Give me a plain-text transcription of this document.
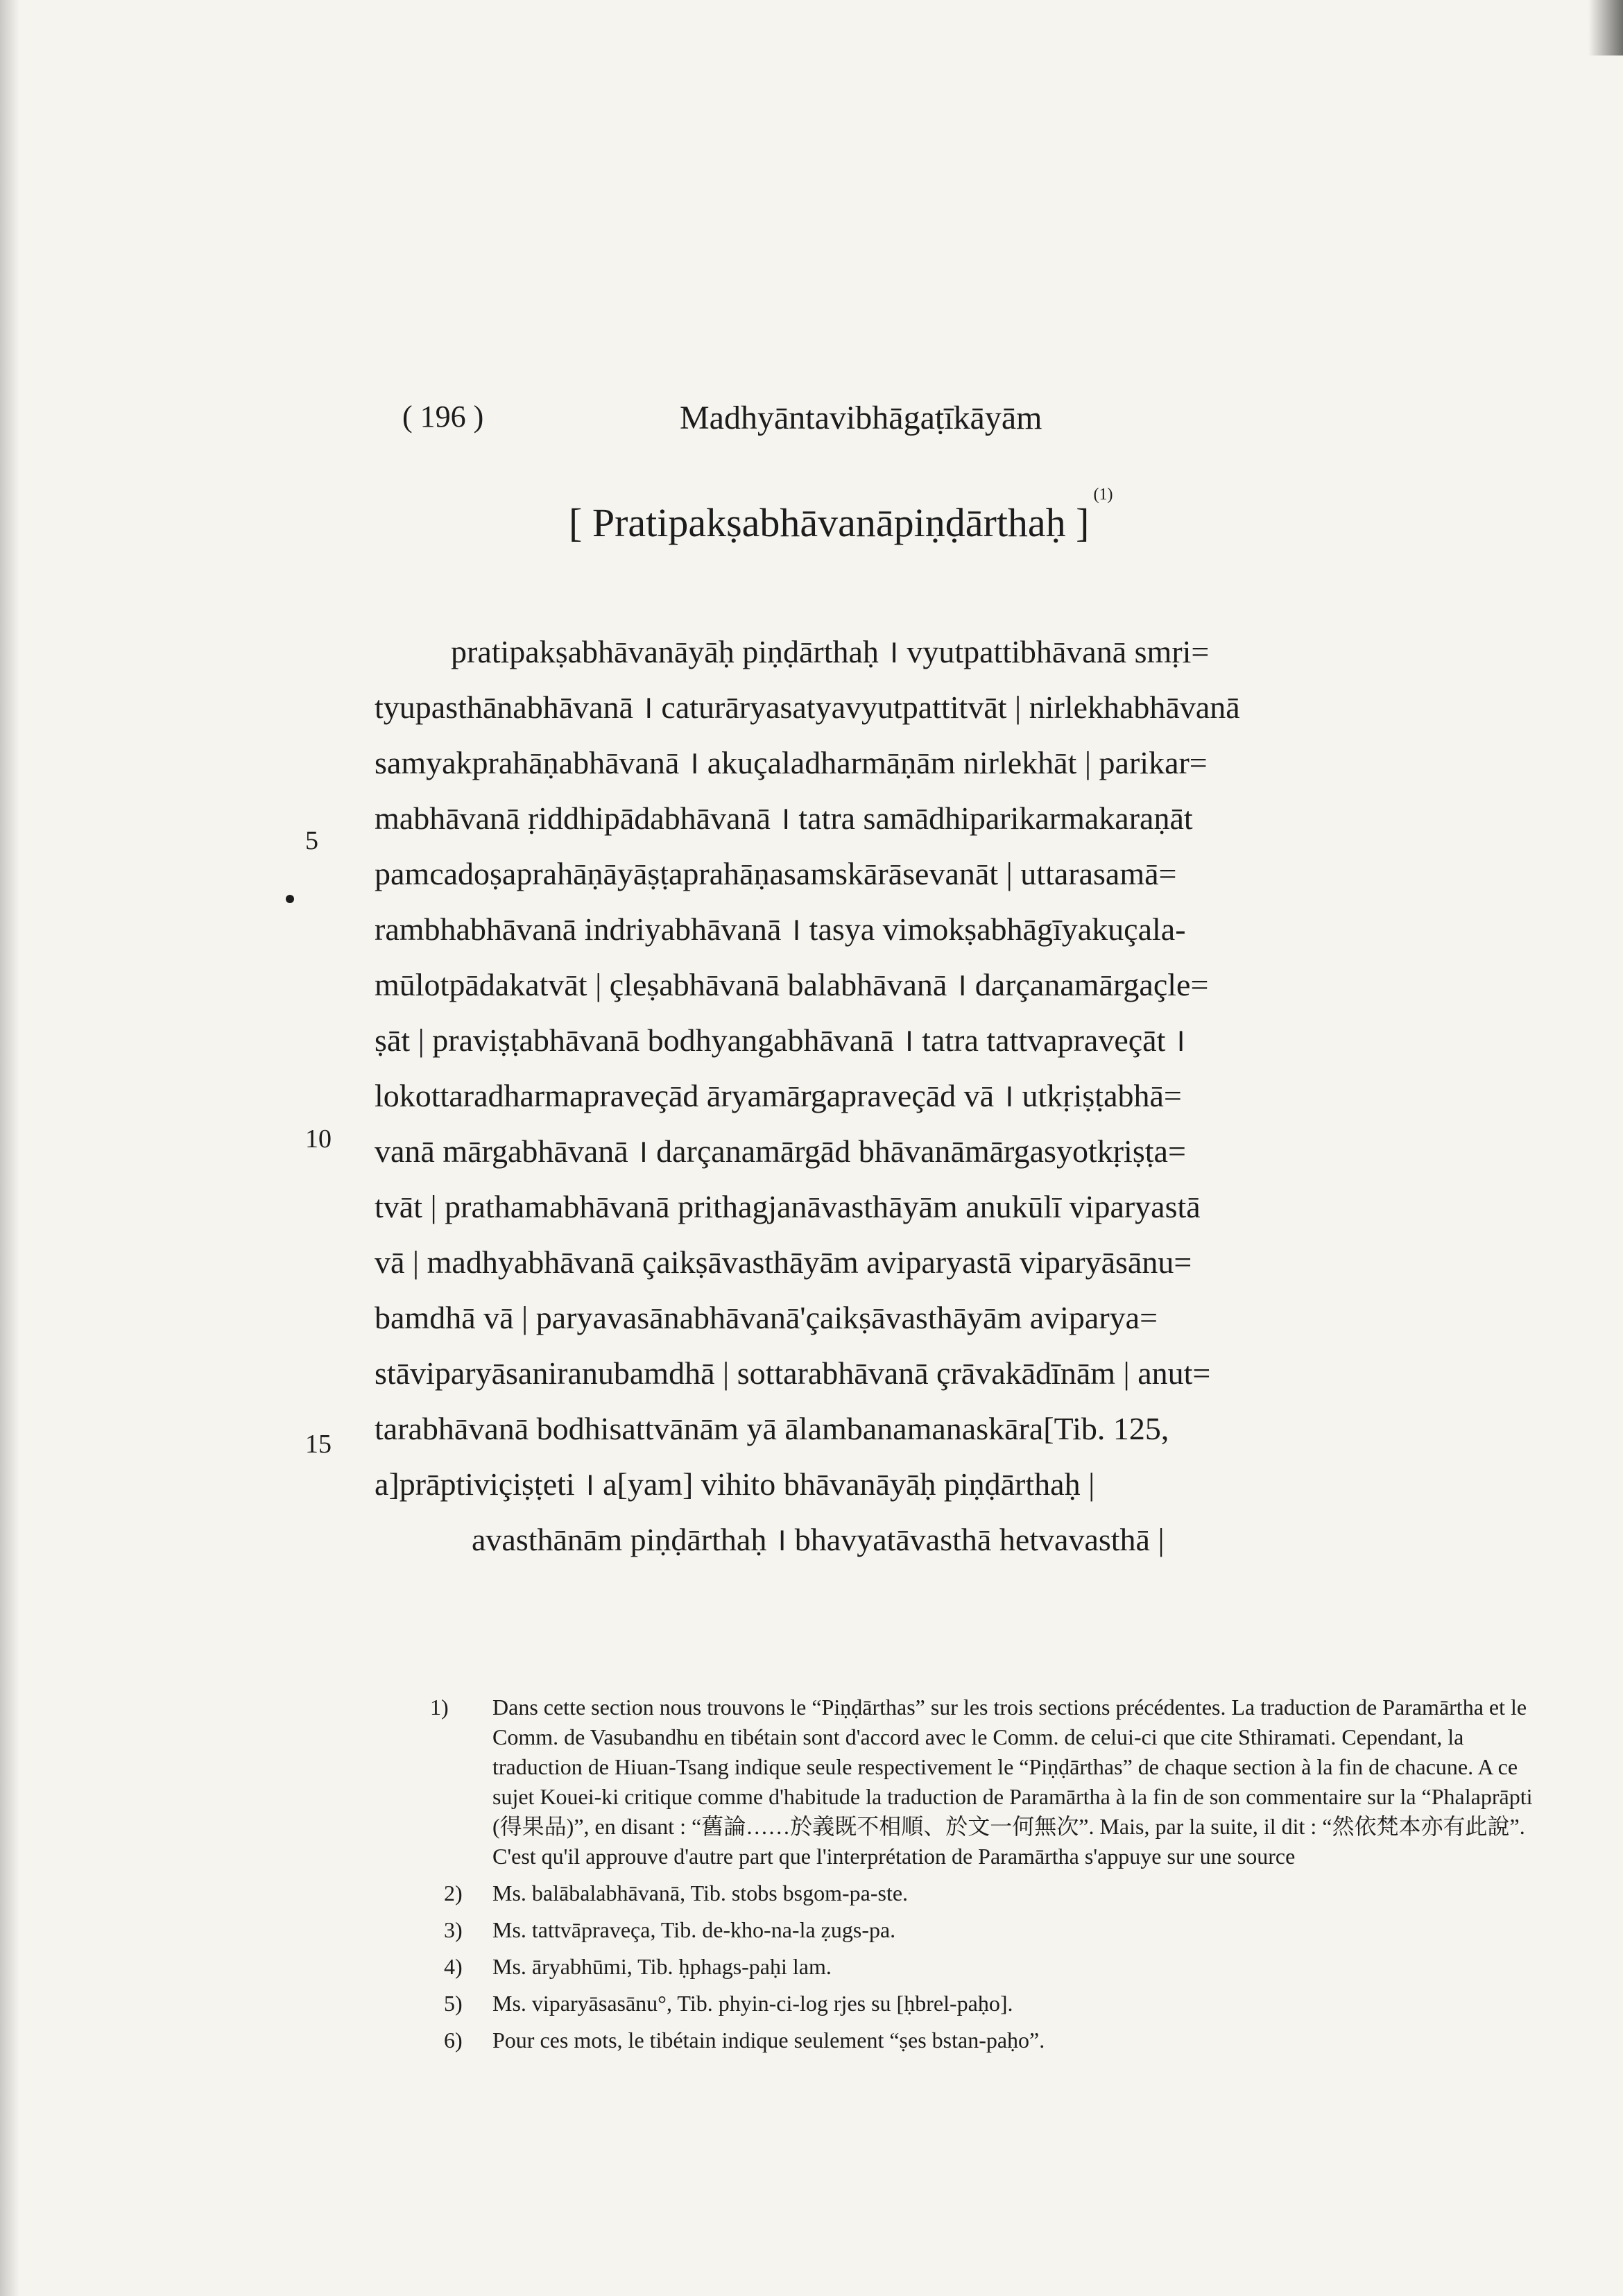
( 196 )	Madhyāntavibhāgaṭīkāyām
[ Pratipakṣabhāvanāpiṇḍārthaḥ ]$^{(1)}$
5
10
15
pratipakṣabhāvanāyāḥ piṇḍārthaḥ । vyutpattibhāvanā smṛi=
tyupasthānabhāvanā । caturāryasatyavyutpattitvāt | nirlekhabhāvanā
samyakprahāṇabhāvanā । akuçaladharmāṇām nirlekhāt | parikar=
mabhāvanā ṛiddhipādabhāvanā । tatra samādhiparikarmakaraṇāt
pamcadoṣaprahāṇāyāṣṭaprahāṇasamskārāsevanāt | uttarasamā=
rambhabhāvanā indriyabhāvanā । tasya vimokṣabhāgīyakuçala-
mūlotpādakatvāt | çleṣabhāvanā balabhāvanā । darçanamārgaçle=
ṣāt | praviṣṭabhāvanā bodhyangabhāvanā । tatra tattvapraveçāt ।
lokottaradharmapraveçād āryamārgapraveçād vā । utkṛiṣṭabhā=
vanā mārgabhāvanā । darçanamārgād bhāvanāmārgasyotkṛiṣṭa=
tvāt | prathamabhāvanā prithagjanāvasthāyām anukūlī viparyastā
vā | madhyabhāvanā çaikṣāvasthāyām aviparyastā viparyāsānu=
bamdhā vā | paryavasānabhāvanā'çaikṣāvasthāyām aviparya=
stāviparyāsaniranubamdhā | sottarabhāvanā çrāvakādīnām | anut=
tarabhāvanā bodhisattvānām yā ālambanamanaskāra[Tib. 125,
a]prāptiviçiṣṭeti । a[yam] vihito bhāvanāyāḥ piṇḍārthaḥ |
avasthānām piṇḍārthaḥ । bhavyatāvasthā hetvavasthā |
1) Dans cette section nous trouvons le “Piṇḍārthas” sur les trois sections précédentes. La traduction de Paramārtha et le Comm. de Vasubandhu en tibétain sont d'accord avec le Comm. de celui-ci que cite Sthiramati. Cependant, la traduction de Hiuan-Tsang indique seule respectivement le “Piṇḍārthas” de chaque section à la fin de chacune. A ce sujet Kouei-ki critique comme d'habitude la traduction de Paramārtha à la fin de son commentaire sur la “Phalaprāpti (得果品)”, en disant : “舊論……於義既不相順、於文一何無次”. Mais, par la suite, il dit : “然依梵本亦有此說”. C'est qu'il approuve d'autre part que l'interprétation de Paramārtha s'appuye sur une source
2) Ms. balābalabhāvanā, Tib. stobs bsgom-pa-ste.
3) Ms. tattvāpraveça, Tib. de-kho-na-la ẓugs-pa.
4) Ms. āryabhūmi, Tib. ḥphags-paḥi lam.
5) Ms. viparyāsasānu°, Tib. phyin-ci-log rjes su [ḥbrel-paḥo].
6) Pour ces mots, le tibétain indique seulement “ṣes bstan-paḥo”.
